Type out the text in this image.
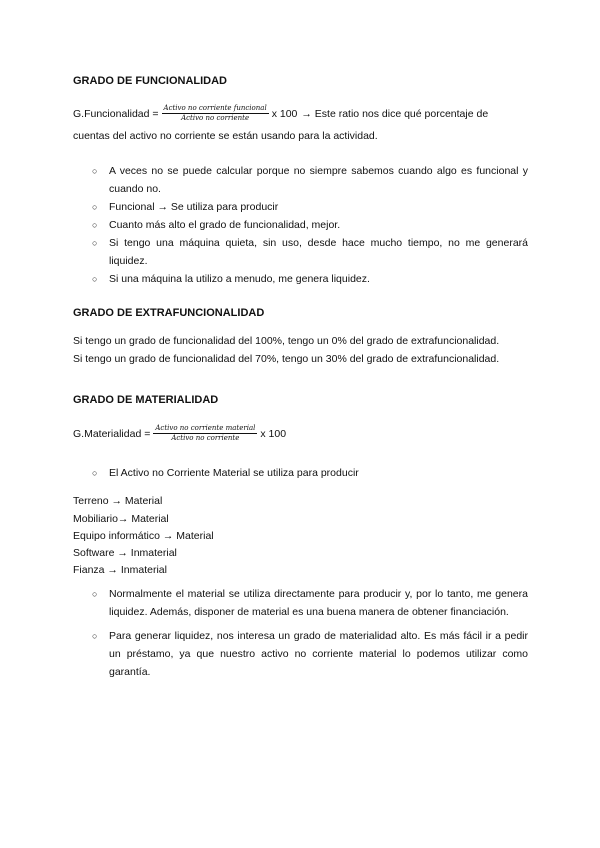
GRADO DE FUNCIONALIDAD
G.Funcionalidad = $\frac{\text{Activo no corriente funcional}}{\text{Activo no corriente}}$ x 100 → Este ratio nos dice qué porcentaje de
cuentas del activo no corriente se están usando para la actividad.
○ A veces no se puede calcular porque no siempre sabemos cuando algo es funcional y cuando no.
○ Funcional → Se utiliza para producir
○ Cuanto más alto el grado de funcionalidad, mejor.
○ Si tengo una máquina quieta, sin uso, desde hace mucho tiempo, no me generará liquidez.
○ Si una máquina la utilizo a menudo, me genera liquidez.
GRADO DE EXTRAFUNCIONALIDAD
Si tengo un grado de funcionalidad del 100%, tengo un 0% del grado de extrafuncionalidad.
Si tengo un grado de funcionalidad del 70%, tengo un 30% del grado de extrafuncionalidad.
GRADO DE MATERIALIDAD
G.Materialidad = $\frac{\text{Activo no corriente material}}{\text{Activo no corriente}}$ x 100
○ El Activo no Corriente Material se utiliza para producir
Terreno → Material
Mobiliario→ Material
Equipo informático → Material
Software → Inmaterial
Fianza → Inmaterial
○ Normalmente el material se utiliza directamente para producir y, por lo tanto, me genera liquidez. Además, disponer de material es una buena manera de obtener financiación.
○ Para generar liquidez, nos interesa un grado de materialidad alto. Es más fácil ir a pedir un préstamo, ya que nuestro activo no corriente material lo podemos utilizar como garantía.
